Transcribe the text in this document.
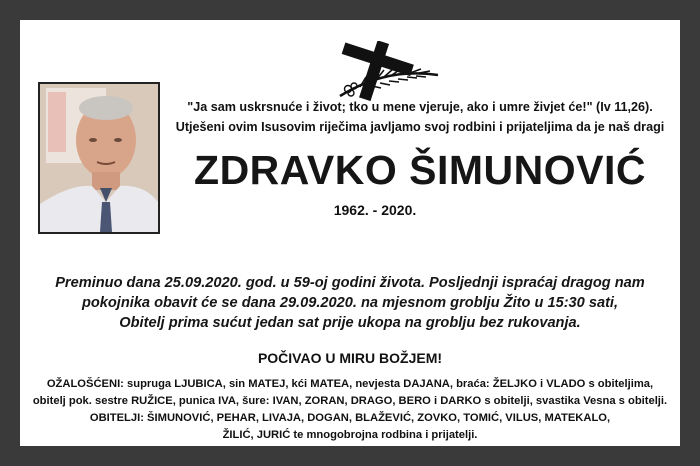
"Ja sam uskrsnuće i život; tko u mene vjeruje, ako i umre živjet će!" (Iv 11,26).
Utješeni ovim Isusovim riječima javljamo svoj rodbini i prijateljima da je naš dragi
ZDRAVKO ŠIMUNOVIĆ
1962. - 2020.
Preminuo dana 25.09.2020. god. u 59-oj godini života. Posljednji ispraćaj dragog nam
pokojnika obavit će se dana 29.09.2020. na mjesnom groblju Žito u 15:30 sati,
Obitelj prima sućut jedan sat prije ukopa na groblju bez rukovanja.
POČIVAO U MIRU BOŽJEM!
OŽALOŠĆENI: supruga LJUBICA, sin MATEJ, kći MATEA, nevjesta DAJANA, braća: ŽELJKO i VLADO s obiteljima,
obitelj pok. sestre RUŽICE, punica IVA, šure: IVAN, ZORAN, DRAGO, BERO i DARKO s obitelji, svastika Vesna s obitelji.
OBITELJI: ŠIMUNOVIĆ, PEHAR, LIVAJA, DOGAN, BLAŽEVIĆ, ZOVKO, TOMIĆ, VILUS, MATEKALO,
ŽILIĆ, JURIĆ te mnogobrojna rodbina i prijatelji.
